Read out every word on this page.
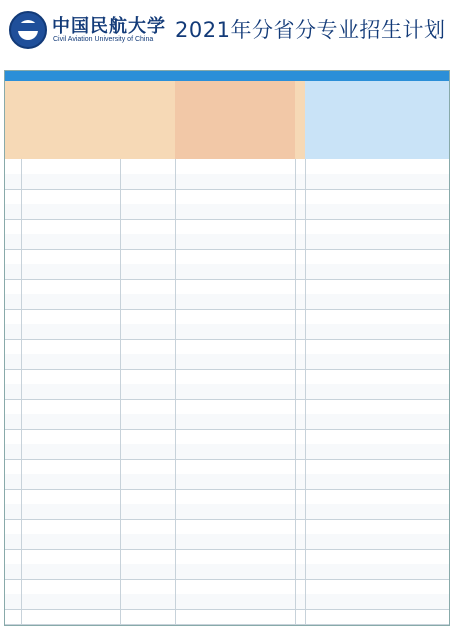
中国民航大学
Civil Aviation University of China 2021年分省分专业招生计划
